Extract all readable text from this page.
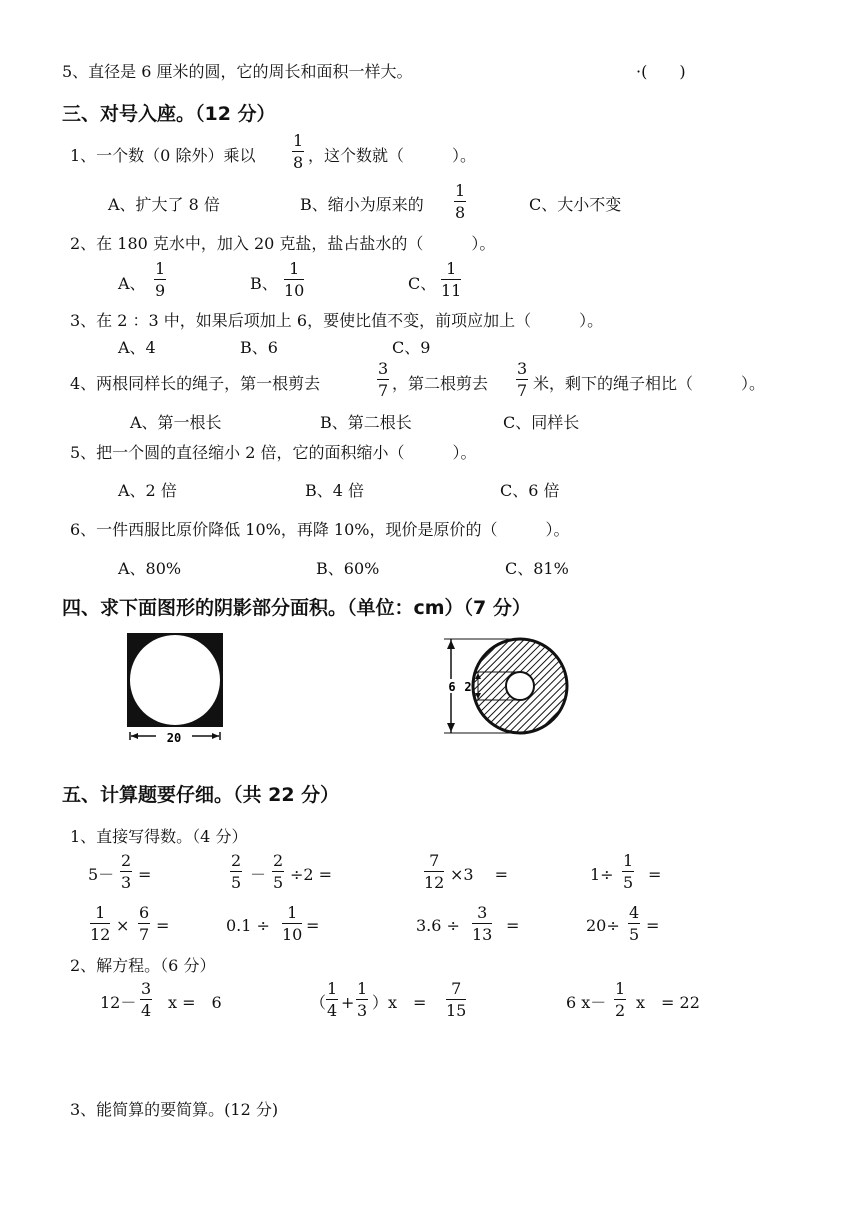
5、直径是 6 厘米的圆，它的周长和面积一样大。	·(　　)
三、对号入座。（12 分）
1、一个数（0 除外）乘以 $\frac{1}{8}$ ，这个数就（　　　）。
A、扩大了 8 倍	B、缩小为原来的 $\frac{1}{8}$	C、大小不变
2、在 180 克水中，加入 20 克盐，盐占盐水的（　　　）。
A、 $\frac{1}{9}$	B、 $\frac{1}{10}$	C、 $\frac{1}{11}$
3、在 2 ：3 中，如果后项加上 6，要使比值不变，前项应加上（　　　）。
A、4	B、6	C、9
4、两根同样长的绳子，第一根剪去	$\frac{3}{7}$ ，第二根剪去 $\frac{3}{7}$ 米，剩下的绳子相比（　　　）。
A、第一根长	B、第二根长	C、同样长
5、把一个圆的直径缩小 2 倍，它的面积缩小（　　　）。
A、2 倍	B、4 倍	C、6 倍
6、一件西服比原价降低 10%，再降 10%，现价是原价的（　　　）。
A、80%	B、60%	C、81%
四、求下面图形的阴影部分面积。（单位：cm）（7 分）
20
6 2
五、计算题要仔细。（共 22 分）
1、直接写得数。（4 分）
$5- \frac{2}{3}$ =	$\frac{2}{5} - \frac{2}{5} \div 2$ =	$\frac{7}{12} \times 3$　 =	$1\div \frac{1}{5}$ =
$\frac{1}{12} \times \frac{6}{7}$ =	$0.1 \div \frac{1}{10}$ =	$3.6 \div \frac{3}{13}$ =	$20\div \frac{4}{5}$ =
2、解方程。（6 分）
$12- \frac{3}{4}$ x =　6	（ $\frac{1}{4} + \frac{1}{3} )x$　= $\frac{7}{15}$	6 $x- \frac{1}{2}$ x　= 22
3、能简算的要简算。(12 分)
